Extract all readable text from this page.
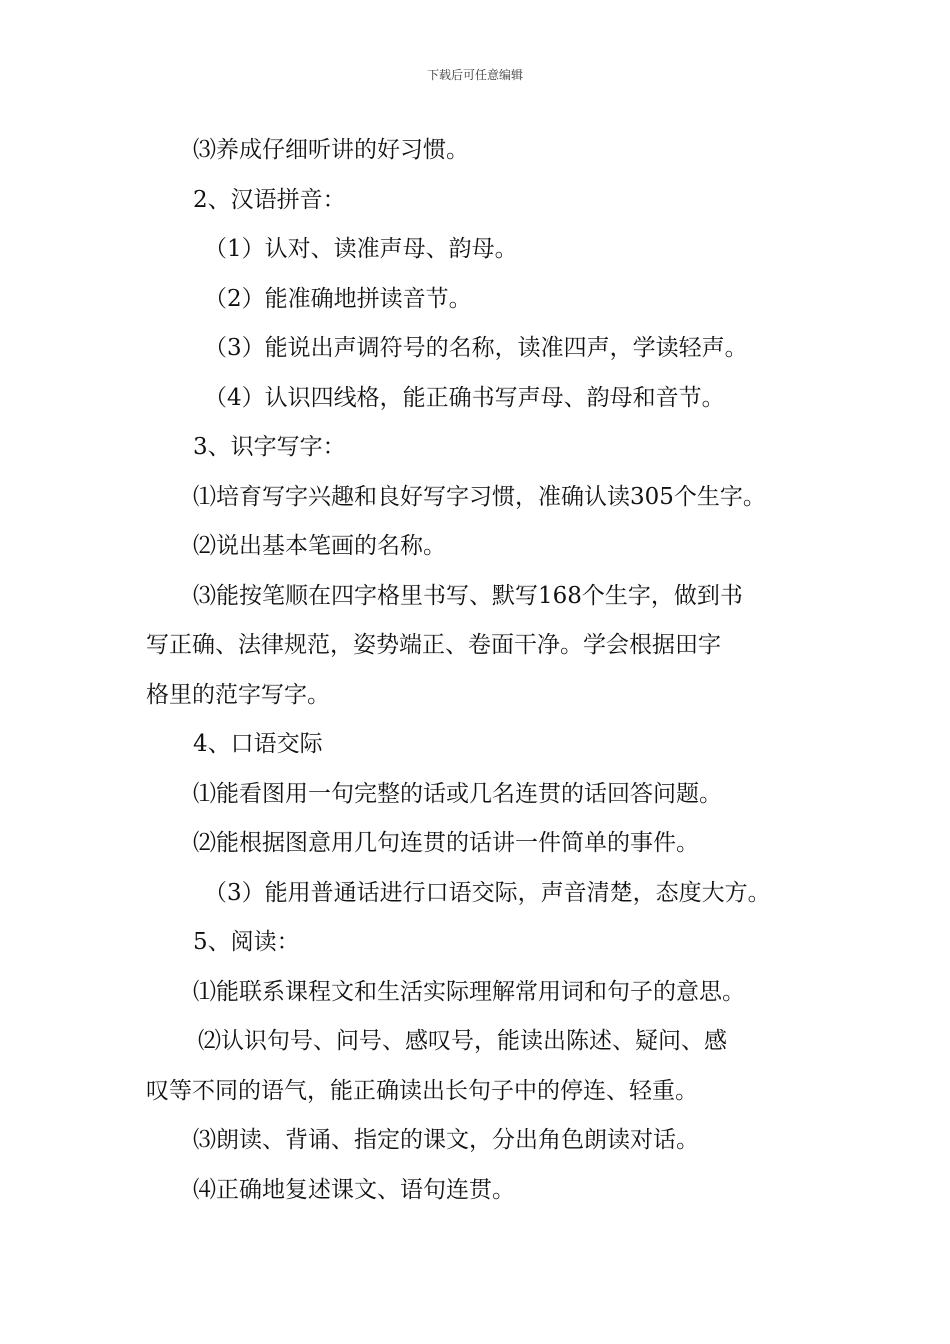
下载后可任意编辑
⑶养成仔细听讲的好习惯。
2、汉语拼音：
（1）认对、读准声母、韵母。
（2）能准确地拼读音节。
（3）能说出声调符号的名称，读准四声，学读轻声。
（4）认识四线格，能正确书写声母、韵母和音节。
3、识字写字：
⑴培育写字兴趣和良好写字习惯，准确认读305个生字。
⑵说出基本笔画的名称。
⑶能按笔顺在四字格里书写、默写168个生字，做到书
写正确、法律规范，姿势端正、卷面干净。学会根据田字
格里的范字写字。
4、口语交际
⑴能看图用一句完整的话或几名连贯的话回答问题。
⑵能根据图意用几句连贯的话讲一件简单的事件。
（3）能用普通话进行口语交际，声音清楚，态度大方。
5、阅读：
⑴能联系课程文和生活实际理解常用词和句子的意思。
⑵认识句号、问号、感叹号，能读出陈述、疑问、感
叹等不同的语气，能正确读出长句子中的停连、轻重。
⑶朗读、背诵、指定的课文，分出角色朗读对话。
⑷正确地复述课文、语句连贯。
